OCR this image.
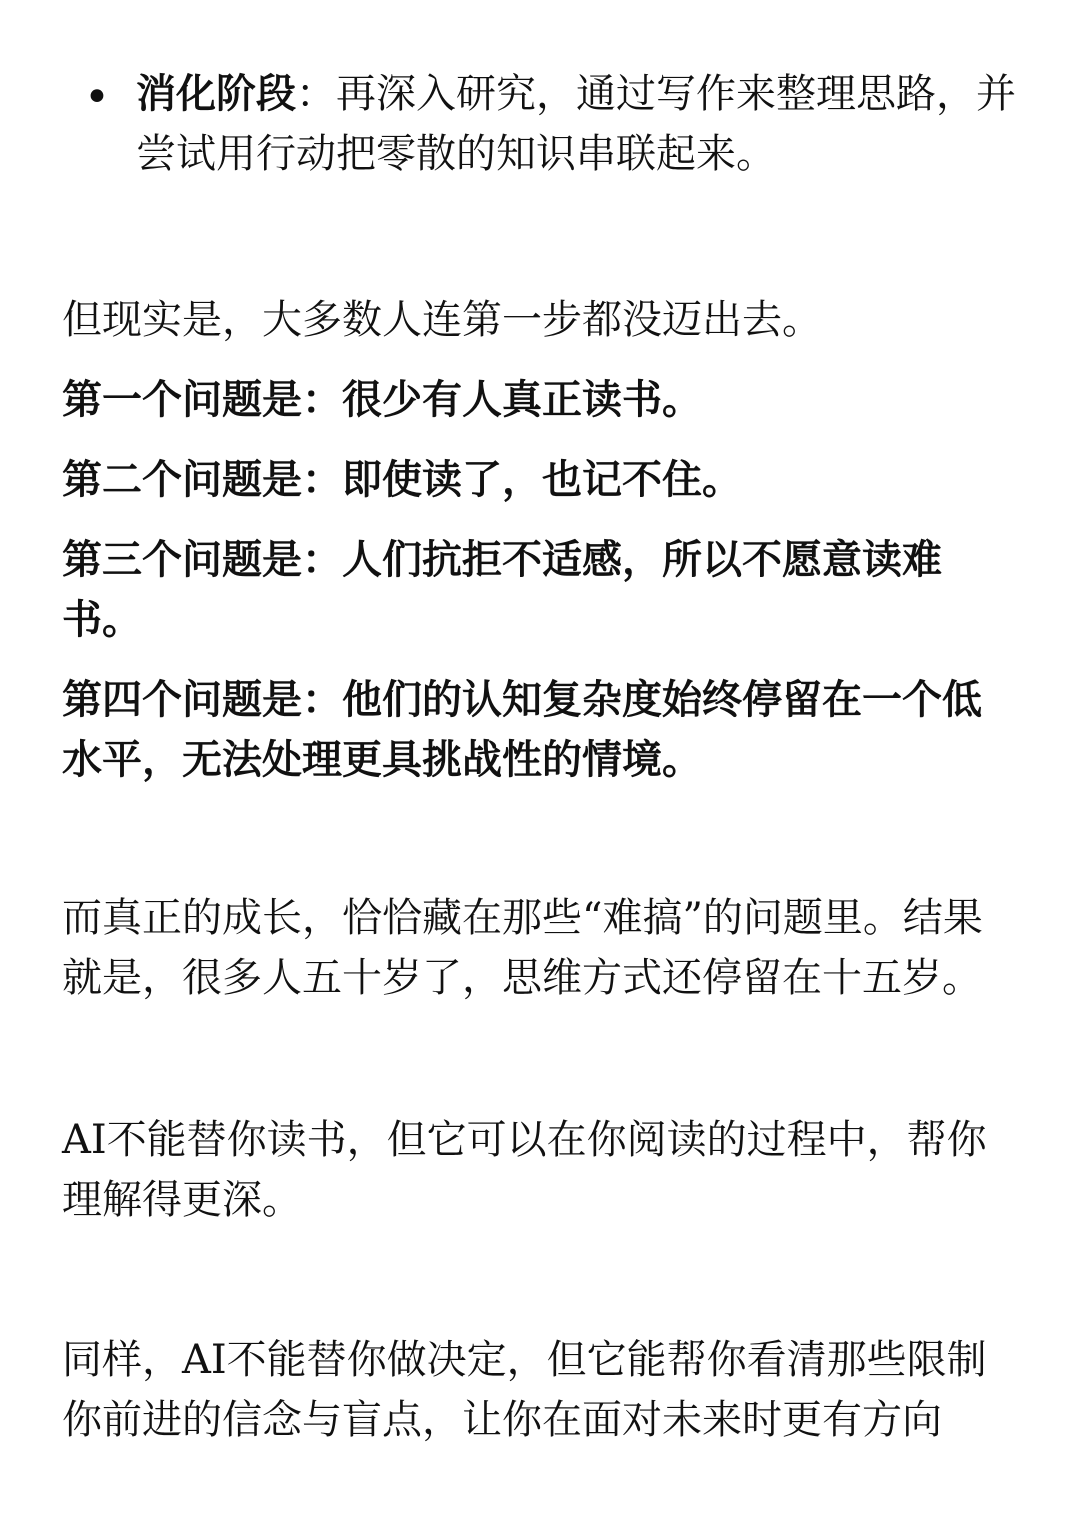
• 消化阶段：再深入研究，通过写作来整理思路，并尝试用行动把零散的知识串联起来。
但现实是，大多数人连第一步都没迈出去。
第一个问题是：很少有人真正读书。
第二个问题是：即使读了，也记不住。
第三个问题是：人们抗拒不适感，所以不愿意读难书。
第四个问题是：他们的认知复杂度始终停留在一个低水平，无法处理更具挑战性的情境。
而真正的成长，恰恰藏在那些“难搞”的问题里。结果就是，很多人五十岁了，思维方式还停留在十五岁。
AI不能替你读书，但它可以在你阅读的过程中，帮你理解得更深。
同样，AI不能替你做决定，但它能帮你看清那些限制你前进的信念与盲点，让你在面对未来时更有方向
